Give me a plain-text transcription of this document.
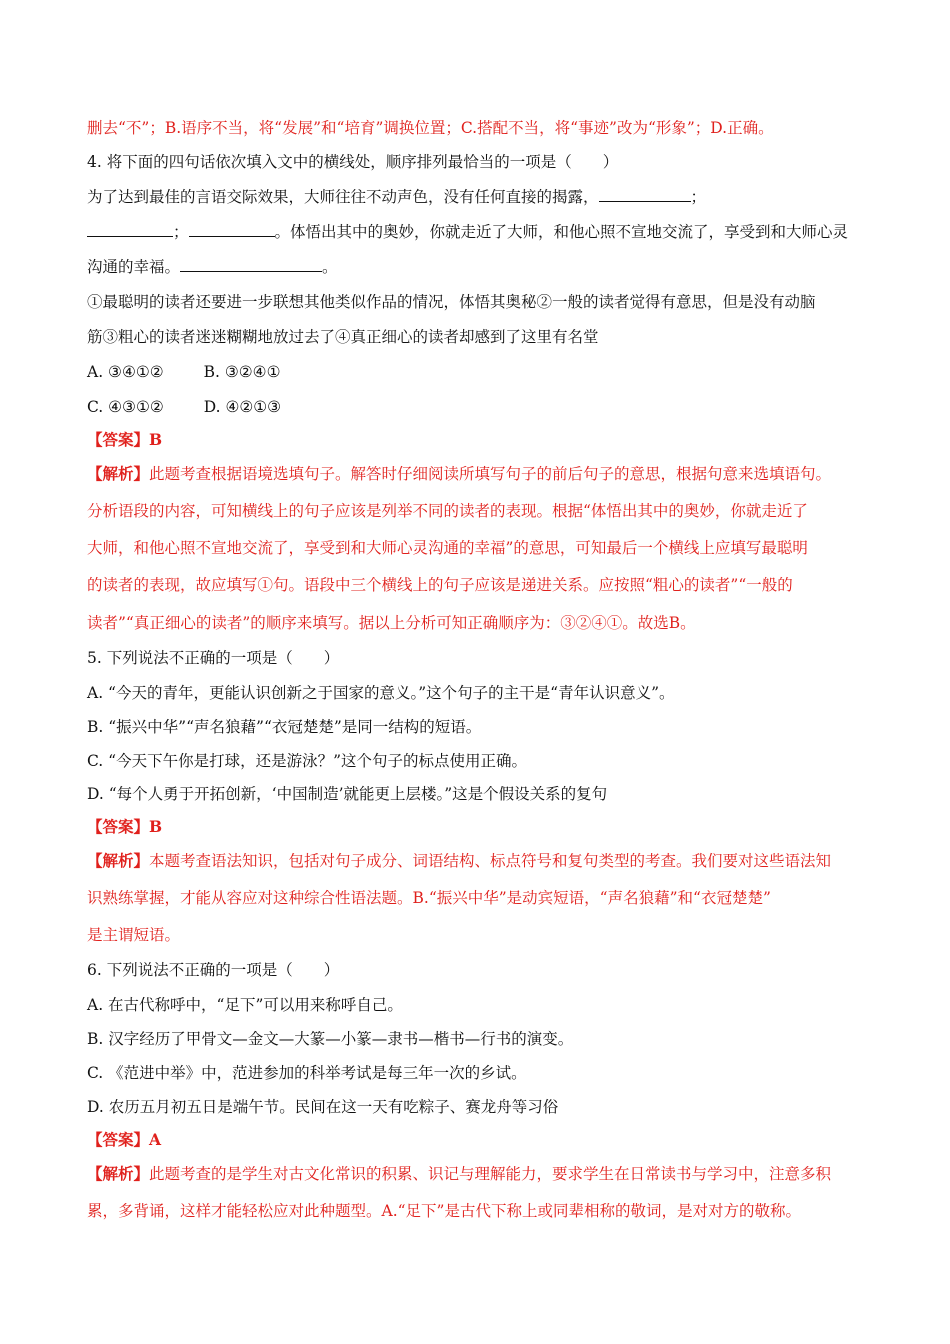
删去“不”；B.语序不当，将“发展”和“培育”调换位置；C.搭配不当，将“事迹”改为“形象”；D.正确。

4. 将下面的四句话依次填入文中的横线处，顺序排列最恰当的一项是（　　）

为了达到最佳的言语交际效果，大师往往不动声色，没有任何直接的揭露，	；

；	。体悟出其中的奥妙，你就走近了大师，和他心照不宣地交流了，享受到和大师心灵

沟通的幸福。	。

①最聪明的读者还要进一步联想其他类似作品的情况，体悟其奥秘②一般的读者觉得有意思，但是没有动脑

筋③粗心的读者迷迷糊糊地放过去了④真正细心的读者却感到了这里有名堂

A. ③④①②	B. ③②④①

C. ④③①②	D. ④②①③

【答案】B

【解析】此题考查根据语境选填句子。解答时仔细阅读所填写句子的前后句子的意思，根据句意来选填语句。

分析语段的内容，可知横线上的句子应该是列举不同的读者的表现。根据“体悟出其中的奥妙，你就走近了

大师，和他心照不宣地交流了，享受到和大师心灵沟通的幸福”的意思，可知最后一个横线上应填写最聪明

的读者的表现，故应填写①句。语段中三个横线上的句子应该是递进关系。应按照“粗心的读者”“一般的

读者”“真正细心的读者”的顺序来填写。据以上分析可知正确顺序为：③②④①。故选B。

5. 下列说法不正确的一项是（　　）

A. “今天的青年，更能认识创新之于国家的意义。”这个句子的主干是“青年认识意义”。

B. “振兴中华”“声名狼藉”“衣冠楚楚”是同一结构的短语。

C. “今天下午你是打球，还是游泳？”这个句子的标点使用正确。

D. “每个人勇于开拓创新，‘中国制造’就能更上层楼。”这是个假设关系的复句

【答案】B

【解析】本题考查语法知识，包括对句子成分、词语结构、标点符号和复句类型的考查。我们要对这些语法知

识熟练掌握，才能从容应对这种综合性语法题。B.“振兴中华”是动宾短语，“声名狼藉”和“衣冠楚楚”

是主谓短语。

6. 下列说法不正确的一项是（　　）

A. 在古代称呼中，“足下”可以用来称呼自己。

B. 汉字经历了甲骨文—金文—大篆—小篆—隶书—楷书—行书的演变。

C. 《范进中举》中，范进参加的科举考试是每三年一次的乡试。

D. 农历五月初五日是端午节。民间在这一天有吃粽子、赛龙舟等习俗

【答案】A

【解析】此题考查的是学生对古文化常识的积累、识记与理解能力，要求学生在日常读书与学习中，注意多积

累，多背诵，这样才能轻松应对此种题型。A.“足下”是古代下称上或同辈相称的敬词，是对对方的敬称。
